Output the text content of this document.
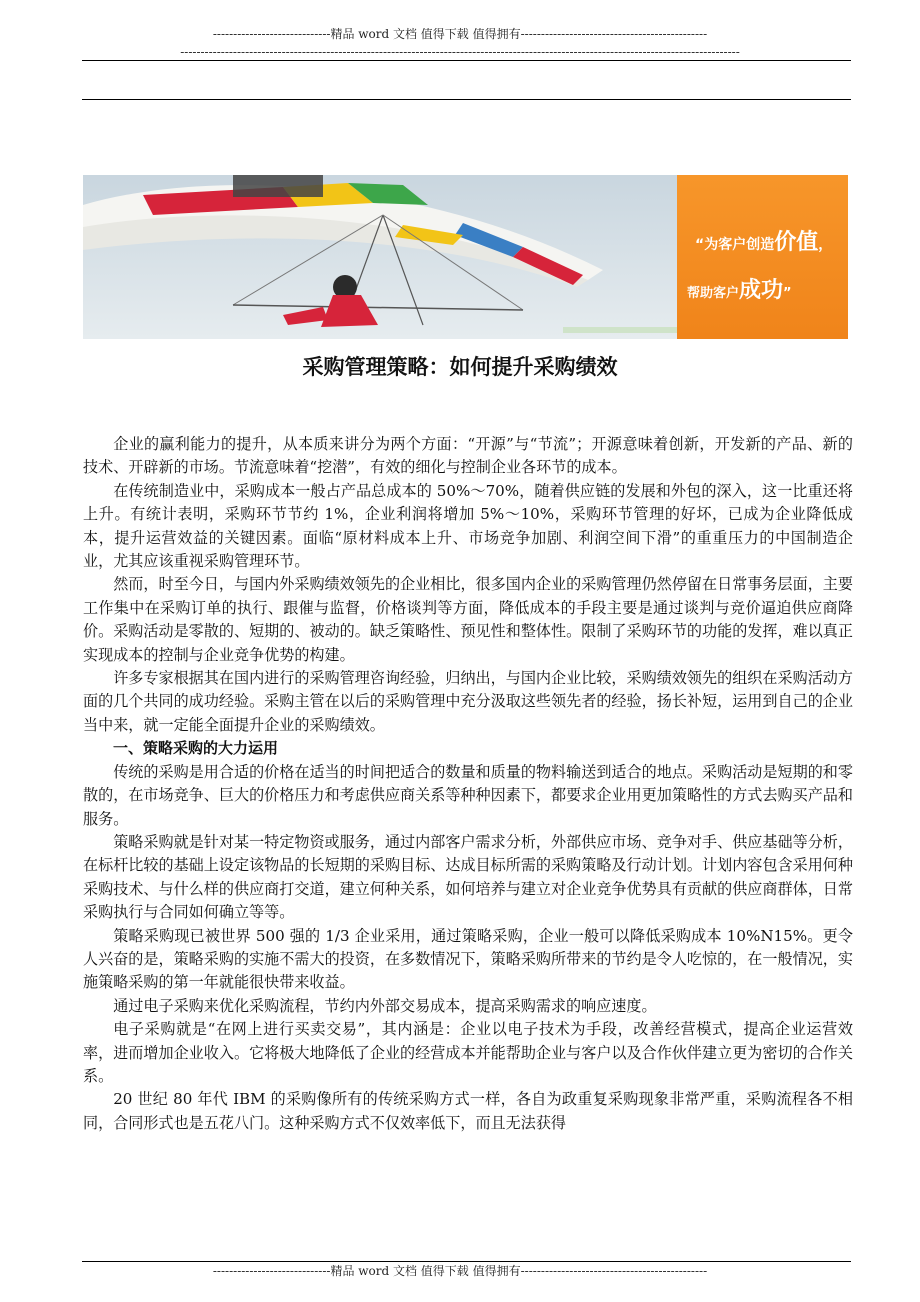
-----------------------------精品 word 文档 值得下载 值得拥有----------------------------------------------
------------------------------------------------------------------------------------------------------------------------------------------
“为客户创造价值，
帮助客户成功”
采购管理策略：如何提升采购绩效

企业的赢利能力的提升，从本质来讲分为两个方面：“开源”与“节流”；开源意味着创新，开发新的产品、新的技术、开辟新的市场。节流意味着“挖潜”，有效的细化与控制企业各环节的成本。

在传统制造业中，采购成本一般占产品总成本的 50%～70%，随着供应链的发展和外包的深入，这一比重还将上升。有统计表明，采购环节节约 1%，企业利润将增加 5%～10%，采购环节管理的好坏，已成为企业降低成本，提升运营效益的关键因素。面临“原材料成本上升、市场竞争加剧、利润空间下滑”的重重压力的中国制造企业，尤其应该重视采购管理环节。

然而，时至今日，与国内外采购绩效领先的企业相比，很多国内企业的采购管理仍然停留在日常事务层面，主要工作集中在采购订单的执行、跟催与监督，价格谈判等方面，降低成本的手段主要是通过谈判与竞价逼迫供应商降价。采购活动是零散的、短期的、被动的。缺乏策略性、预见性和整体性。限制了采购环节的功能的发挥，难以真正实现成本的控制与企业竞争优势的构建。

许多专家根据其在国内进行的采购管理咨询经验，归纳出，与国内企业比较，采购绩效领先的组织在采购活动方面的几个共同的成功经验。采购主管在以后的采购管理中充分汲取这些领先者的经验，扬长补短，运用到自己的企业当中来，就一定能全面提升企业的采购绩效。

一、策略采购的大力运用

传统的采购是用合适的价格在适当的时间把适合的数量和质量的物料输送到适合的地点。采购活动是短期的和零散的，在市场竞争、巨大的价格压力和考虑供应商关系等种种因素下，都要求企业用更加策略性的方式去购买产品和服务。

策略采购就是针对某一特定物资或服务，通过内部客户需求分析，外部供应市场、竞争对手、供应基础等分析，在标杆比较的基础上设定该物品的长短期的采购目标、达成目标所需的采购策略及行动计划。计划内容包含采用何种采购技术、与什么样的供应商打交道，建立何种关系，如何培养与建立对企业竞争优势具有贡献的供应商群体，日常采购执行与合同如何确立等等。

策略采购现已被世界 500 强的 1/3 企业采用，通过策略采购，企业一般可以降低采购成本 10%N15%。更令人兴奋的是，策略采购的实施不需大的投资，在多数情况下，策略采购所带来的节约是令人吃惊的，在一般情况，实施策略采购的第一年就能很快带来收益。

通过电子采购来优化采购流程，节约内外部交易成本，提高采购需求的响应速度。

电子采购就是“在网上进行买卖交易”，其内涵是：企业以电子技术为手段，改善经营模式，提高企业运营效率，进而增加企业收入。它将极大地降低了企业的经营成本并能帮助企业与客户以及合作伙伴建立更为密切的合作关系。

20 世纪 80 年代 IBM 的采购像所有的传统采购方式一样，各自为政重复采购现象非常严重，采购流程各不相同，合同形式也是五花八门。这种采购方式不仅效率低下，而且无法获得

-----------------------------精品 word 文档 值得下载 值得拥有----------------------------------------------
